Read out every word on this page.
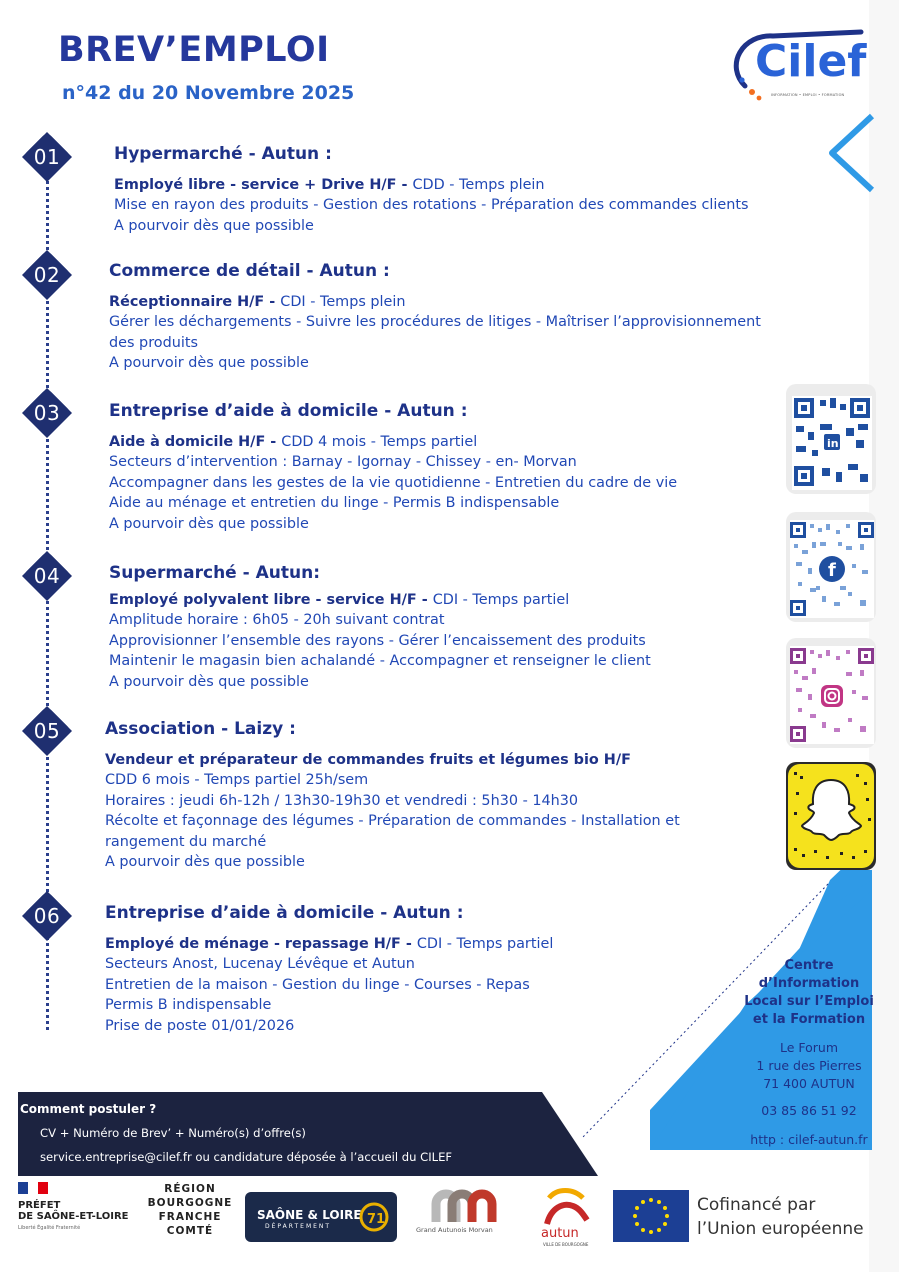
BREV’EMPLOI
n°42 du 20 Novembre 2025
Cilef
INFORMATION • EMPLOI • FORMATION
01
02
03
04
05
06
Hypermarché - Autun :
Employé libre - service + Drive H/F - CDD - Temps plein
Mise en rayon des produits - Gestion des rotations - Préparation des commandes clients
A pourvoir dès que possible
Commerce de détail - Autun :
Réceptionnaire H/F - CDI - Temps plein
Gérer les déchargements - Suivre les procédures de litiges - Maîtriser l’approvisionnement
des produits
A pourvoir dès que possible
Entreprise d’aide à domicile - Autun :
Aide à domicile H/F - CDD 4 mois - Temps partiel
Secteurs d’intervention : Barnay - Igornay - Chissey - en- Morvan
Accompagner dans les gestes de la vie quotidienne - Entretien du cadre de vie
Aide au ménage et entretien du linge - Permis B indispensable
A pourvoir dès que possible
Supermarché - Autun:
Employé polyvalent libre - service H/F - CDI - Temps partiel
Amplitude horaire : 6h05 - 20h suivant contrat
Approvisionner l’ensemble des rayons - Gérer l’encaissement des produits
Maintenir le magasin bien achalandé - Accompagner et renseigner le client
A pourvoir dès que possible
Association - Laizy :
Vendeur et préparateur de commandes fruits et légumes bio H/F
CDD 6 mois - Temps partiel 25h/sem
Horaires : jeudi 6h-12h / 13h30-19h30 et vendredi : 5h30 - 14h30
Récolte et façonnage des légumes - Préparation de commandes - Installation et
rangement du marché
A pourvoir dès que possible
Entreprise d’aide à domicile - Autun :
Employé de ménage - repassage H/F - CDI - Temps partiel
Secteurs Anost, Lucenay Lévêque et Autun
Entretien de la maison - Gestion du linge - Courses - Repas
Permis B indispensable
Prise de poste 01/01/2026
in
f
Centre
d’Information
Local sur l’Emploi
et la Formation
Le Forum
1 rue des Pierres
71 400 AUTUN
03 85 86 51 92
http : cilef-autun.fr
Comment postuler ?
CV + Numéro de Brev’ + Numéro(s) d’offre(s)
service.entreprise@cilef.fr ou candidature déposée à l’accueil du CILEF
PRÉFET
DE SAÔNE-ET-LOIRE
Liberté Égalité Fraternité
RÉGION
BOURGOGNE
FRANCHE
COMTÉ
SAÔNE & LOIRE
DÉPARTEMENT	71
Grand Autunois Morvan	autun
VILLE DE BOURGOGNE
Cofinancé par
l’Union européenne
